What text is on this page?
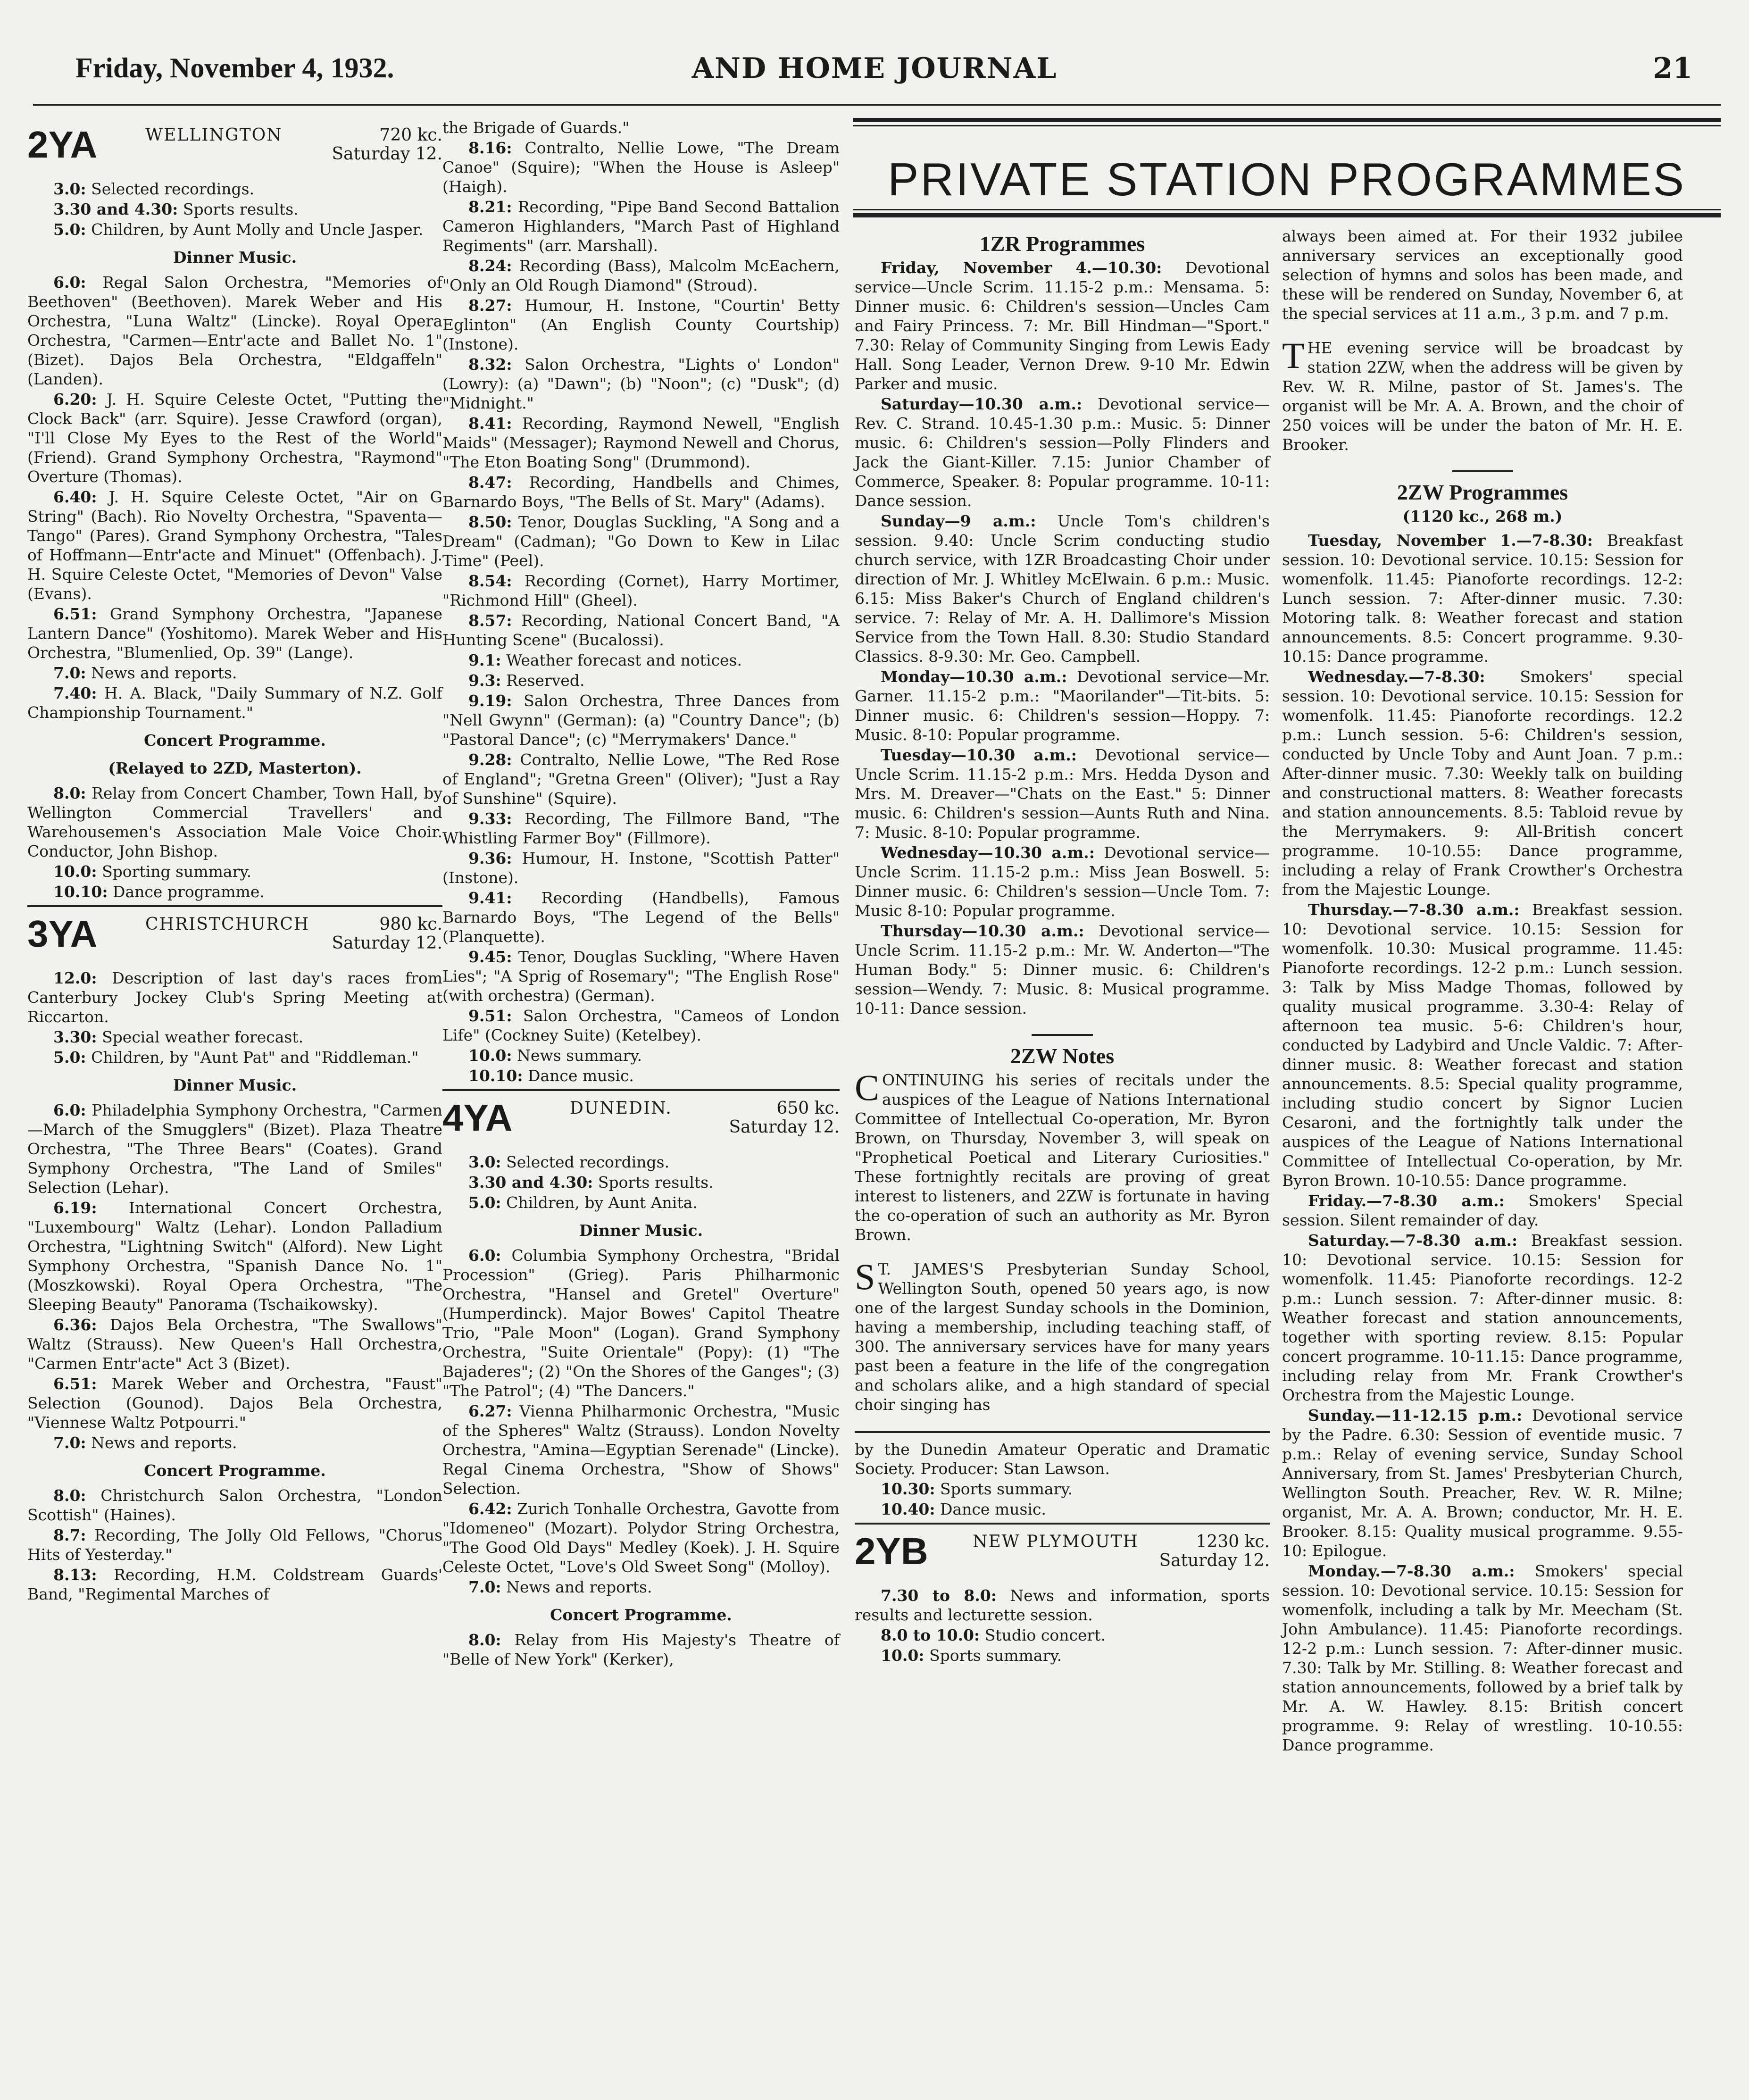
Friday, November 4, 1932.	AND HOME JOURNAL	21
2YA	WELLINGTON	720 kc.
Saturday 12.

3.0: Selected recordings.

3.30 and 4.30: Sports results.

5.0: Children, by Aunt Molly and Uncle Jasper.

Dinner Music.

6.0: Regal Salon Orchestra, "Memories of Beethoven" (Beethoven). Marek Weber and His Orchestra, "Luna Waltz" (Lincke). Royal Opera Orchestra, "Carmen—Entr'acte and Ballet No. 1" (Bizet). Dajos Bela Orchestra, "Eldgaffeln" (Landen).

6.20: J. H. Squire Celeste Octet, "Putting the Clock Back" (arr. Squire). Jesse Crawford (organ), "I'll Close My Eyes to the Rest of the World" (Friend). Grand Symphony Orchestra, "Raymond" Overture (Thomas).

6.40: J. H. Squire Celeste Octet, "Air on G String" (Bach). Rio Novelty Orchestra, "Spaventa—Tango" (Pares). Grand Symphony Orchestra, "Tales of Hoffmann—Entr'acte and Minuet" (Offenbach). J. H. Squire Celeste Octet, "Memories of Devon" Valse (Evans).

6.51: Grand Symphony Orchestra, "Japanese Lantern Dance" (Yoshitomo). Marek Weber and His Orchestra, "Blumenlied, Op. 39" (Lange).

7.0: News and reports.

7.40: H. A. Black, "Daily Summary of N.Z. Golf Championship Tournament."

Concert Programme.
(Relayed to 2ZD, Masterton).

8.0: Relay from Concert Chamber, Town Hall, by Wellington Commercial Travellers' and Warehousemen's Association Male Voice Choir. Conductor, John Bishop.

10.0: Sporting summary.

10.10: Dance programme.

3YA	CHRISTCHURCH	980 kc.
Saturday 12.

12.0: Description of last day's races from Canterbury Jockey Club's Spring Meeting at Riccarton.

3.30: Special weather forecast.

5.0: Children, by "Aunt Pat" and "Riddleman."

Dinner Music.

6.0: Philadelphia Symphony Orchestra, "Carmen—March of the Smugglers" (Bizet). Plaza Theatre Orchestra, "The Three Bears" (Coates). Grand Symphony Orchestra, "The Land of Smiles" Selection (Lehar).

6.19: International Concert Orchestra, "Luxembourg" Waltz (Lehar). London Palladium Orchestra, "Lightning Switch" (Alford). New Light Symphony Orchestra, "Spanish Dance No. 1" (Moszkowski). Royal Opera Orchestra, "The Sleeping Beauty" Panorama (Tschaikowsky).

6.36: Dajos Bela Orchestra, "The Swallows" Waltz (Strauss). New Queen's Hall Orchestra, "Carmen Entr'acte" Act 3 (Bizet).

6.51: Marek Weber and Orchestra, "Faust" Selection (Gounod). Dajos Bela Orchestra, "Viennese Waltz Potpourri."

7.0: News and reports.

Concert Programme.

8.0: Christchurch Salon Orchestra, "London Scottish" (Haines).

8.7: Recording, The Jolly Old Fellows, "Chorus Hits of Yesterday."

8.13: Recording, H.M. Coldstream Guards' Band, "Regimental Marches of

the Brigade of Guards."

8.16: Contralto, Nellie Lowe, "The Dream Canoe" (Squire); "When the House is Asleep" (Haigh).

8.21: Recording, "Pipe Band Second Battalion Cameron Highlanders, "March Past of Highland Regiments" (arr. Marshall).

8.24: Recording (Bass), Malcolm McEachern, "Only an Old Rough Diamond" (Stroud).

8.27: Humour, H. Instone, "Courtin' Betty Eglinton" (An English County Courtship) (Instone).

8.32: Salon Orchestra, "Lights o' London" (Lowry): (a) "Dawn"; (b) "Noon"; (c) "Dusk"; (d) "Midnight."

8.41: Recording, Raymond Newell, "English Maids" (Messager); Raymond Newell and Chorus, "The Eton Boating Song" (Drummond).

8.47: Recording, Handbells and Chimes, Barnardo Boys, "The Bells of St. Mary" (Adams).

8.50: Tenor, Douglas Suckling, "A Song and a Dream" (Cadman); "Go Down to Kew in Lilac Time" (Peel).

8.54: Recording (Cornet), Harry Mortimer, "Richmond Hill" (Gheel).

8.57: Recording, National Concert Band, "A Hunting Scene" (Bucalossi).

9.1: Weather forecast and notices.

9.3: Reserved.

9.19: Salon Orchestra, Three Dances from "Nell Gwynn" (German): (a) "Country Dance"; (b) "Pastoral Dance"; (c) "Merrymakers' Dance."

9.28: Contralto, Nellie Lowe, "The Red Rose of England"; "Gretna Green" (Oliver); "Just a Ray of Sunshine" (Squire).

9.33: Recording, The Fillmore Band, "The Whistling Farmer Boy" (Fillmore).

9.36: Humour, H. Instone, "Scottish Patter" (Instone).

9.41: Recording (Handbells), Famous Barnardo Boys, "The Legend of the Bells" (Planquette).

9.45: Tenor, Douglas Suckling, "Where Haven Lies"; "A Sprig of Rosemary"; "The English Rose" (with orchestra) (German).

9.51: Salon Orchestra, "Cameos of London Life" (Cockney Suite) (Ketelbey).

10.0: News summary.

10.10: Dance music.

4YA	DUNEDIN.	650 kc.
Saturday 12.

3.0: Selected recordings.

3.30 and 4.30: Sports results.

5.0: Children, by Aunt Anita.

Dinner Music.

6.0: Columbia Symphony Orchestra, "Bridal Procession" (Grieg). Paris Philharmonic Orchestra, "Hansel and Gretel" Overture" (Humperdinck). Major Bowes' Capitol Theatre Trio, "Pale Moon" (Logan). Grand Symphony Orchestra, "Suite Orientale" (Popy): (1) "The Bajaderes"; (2) "On the Shores of the Ganges"; (3) "The Patrol"; (4) "The Dancers."

6.27: Vienna Philharmonic Orchestra, "Music of the Spheres" Waltz (Strauss). London Novelty Orchestra, "Amina—Egyptian Serenade" (Lincke). Regal Cinema Orchestra, "Show of Shows" Selection.

6.42: Zurich Tonhalle Orchestra, Gavotte from "Idomeneo" (Mozart). Polydor String Orchestra, "The Good Old Days" Medley (Koek). J. H. Squire Celeste Octet, "Love's Old Sweet Song" (Molloy).

7.0: News and reports.

Concert Programme.

8.0: Relay from His Majesty's Theatre of "Belle of New York" (Kerker),

PRIVATE STATION PROGRAMMES
1ZR Programmes

Friday, November 4.—10.30: Devotional service—Uncle Scrim. 11.15-2 p.m.: Mensama. 5: Dinner music. 6: Children's session—Uncles Cam and Fairy Princess. 7: Mr. Bill Hindman—"Sport." 7.30: Relay of Community Singing from Lewis Eady Hall. Song Leader, Vernon Drew. 9-10 Mr. Edwin Parker and music.

Saturday—10.30 a.m.: Devotional service—Rev. C. Strand. 10.45-1.30 p.m.: Music. 5: Dinner music. 6: Children's session—Polly Flinders and Jack the Giant-Killer. 7.15: Junior Chamber of Commerce, Speaker. 8: Popular programme. 10-11: Dance session.

Sunday—9 a.m.: Uncle Tom's children's session. 9.40: Uncle Scrim conducting studio church service, with 1ZR Broadcasting Choir under direction of Mr. J. Whitley McElwain. 6 p.m.: Music. 6.15: Miss Baker's Church of England children's service. 7: Relay of Mr. A. H. Dallimore's Mission Service from the Town Hall. 8.30: Studio Standard Classics. 8-9.30: Mr. Geo. Campbell.

Monday—10.30 a.m.: Devotional service—Mr. Garner. 11.15-2 p.m.: "Maorilander"—Tit-bits. 5: Dinner music. 6: Children's session—Hoppy. 7: Music. 8-10: Popular programme.

Tuesday—10.30 a.m.: Devotional service—Uncle Scrim. 11.15-2 p.m.: Mrs. Hedda Dyson and Mrs. M. Dreaver—"Chats on the East." 5: Dinner music. 6: Children's session—Aunts Ruth and Nina. 7: Music. 8-10: Popular programme.

Wednesday—10.30 a.m.: Devotional service—Uncle Scrim. 11.15-2 p.m.: Miss Jean Boswell. 5: Dinner music. 6: Children's session—Uncle Tom. 7: Music 8-10: Popular programme.

Thursday—10.30 a.m.: Devotional service—Uncle Scrim. 11.15-2 p.m.: Mr. W. Anderton—"The Human Body." 5: Dinner music. 6: Children's session—Wendy. 7: Music. 8: Musical programme. 10-11: Dance session.

2ZW Notes

CONTINUING his series of recitals under the auspices of the League of Nations International Committee of Intellectual Co-operation, Mr. Byron Brown, on Thursday, November 3, will speak on "Prophetical Poetical and Literary Curiosities." These fortnightly recitals are proving of great interest to listeners, and 2ZW is fortunate in having the co-operation of such an authority as Mr. Byron Brown.

S T. JAMES'S Presbyterian Sunday School, Wellington South, opened 50 years ago, is now one of the largest Sunday schools in the Dominion, having a membership, including teaching staff, of 300. The anniversary services have for many years past been a feature in the life of the congregation and scholars alike, and a high standard of special choir singing has

by the Dunedin Amateur Operatic and Dramatic Society. Producer: Stan Lawson.

10.30: Sports summary.

10.40: Dance music.

2YB	NEW PLYMOUTH	1230 kc.
Saturday 12.

7.30 to 8.0: News and information, sports results and lecturette session.

8.0 to 10.0: Studio concert.

10.0: Sports summary.

always been aimed at. For their 1932 jubilee anniversary services an exceptionally good selection of hymns and solos has been made, and these will be rendered on Sunday, November 6, at the special services at 11 a.m., 3 p.m. and 7 p.m.

THE evening service will be broadcast by station 2ZW, when the address will be given by Rev. W. R. Milne, pastor of St. James's. The organist will be Mr. A. A. Brown, and the choir of 250 voices will be under the baton of Mr. H. E. Brooker.

2ZW Programmes
(1120 kc., 268 m.)

Tuesday, November 1.—7-8.30: Breakfast session. 10: Devotional service. 10.15: Session for womenfolk. 11.45: Pianoforte recordings. 12-2: Lunch session. 7: After-dinner music. 7.30: Motoring talk. 8: Weather forecast and station announcements. 8.5: Concert programme. 9.30-10.15: Dance programme.

Wednesday.—7-8.30: Smokers' special session. 10: Devotional service. 10.15: Session for womenfolk. 11.45: Pianoforte recordings. 12.2 p.m.: Lunch session. 5-6: Children's session, conducted by Uncle Toby and Aunt Joan. 7 p.m.: After-dinner music. 7.30: Weekly talk on building and constructional matters. 8: Weather forecasts and station announcements. 8.5: Tabloid revue by the Merrymakers. 9: All-British concert programme. 10-10.55: Dance programme, including a relay of Frank Crowther's Orchestra from the Majestic Lounge.

Thursday.—7-8.30 a.m.: Breakfast session. 10: Devotional service. 10.15: Session for womenfolk. 10.30: Musical programme. 11.45: Pianoforte recordings. 12-2 p.m.: Lunch session. 3: Talk by Miss Madge Thomas, followed by quality musical programme. 3.30-4: Relay of afternoon tea music. 5-6: Children's hour, conducted by Ladybird and Uncle Valdic. 7: After-dinner music. 8: Weather forecast and station announcements. 8.5: Special quality programme, including studio concert by Signor Lucien Cesaroni, and the fortnightly talk under the auspices of the League of Nations International Committee of Intellectual Co-operation, by Mr. Byron Brown. 10-10.55: Dance programme.

Friday.—7-8.30 a.m.: Smokers' Special session. Silent remainder of day.

Saturday.—7-8.30 a.m.: Breakfast session. 10: Devotional service. 10.15: Session for womenfolk. 11.45: Pianoforte recordings. 12-2 p.m.: Lunch session. 7: After-dinner music. 8: Weather forecast and station announcements, together with sporting review. 8.15: Popular concert programme. 10-11.15: Dance programme, including relay from Mr. Frank Crowther's Orchestra from the Majestic Lounge.

Sunday.—11-12.15 p.m.: Devotional service by the Padre. 6.30: Session of eventide music. 7 p.m.: Relay of evening service, Sunday School Anniversary, from St. James' Presbyterian Church, Wellington South. Preacher, Rev. W. R. Milne; organist, Mr. A. A. Brown; conductor, Mr. H. E. Brooker. 8.15: Quality musical programme. 9.55-10: Epilogue.

Monday.—7-8.30 a.m.: Smokers' special session. 10: Devotional service. 10.15: Session for womenfolk, including a talk by Mr. Meecham (St. John Ambulance). 11.45: Pianoforte recordings. 12-2 p.m.: Lunch session. 7: After-dinner music. 7.30: Talk by Mr. Stilling. 8: Weather forecast and station announcements, followed by a brief talk by Mr. A. W. Hawley. 8.15: British concert programme. 9: Relay of wrestling. 10-10.55: Dance programme.
